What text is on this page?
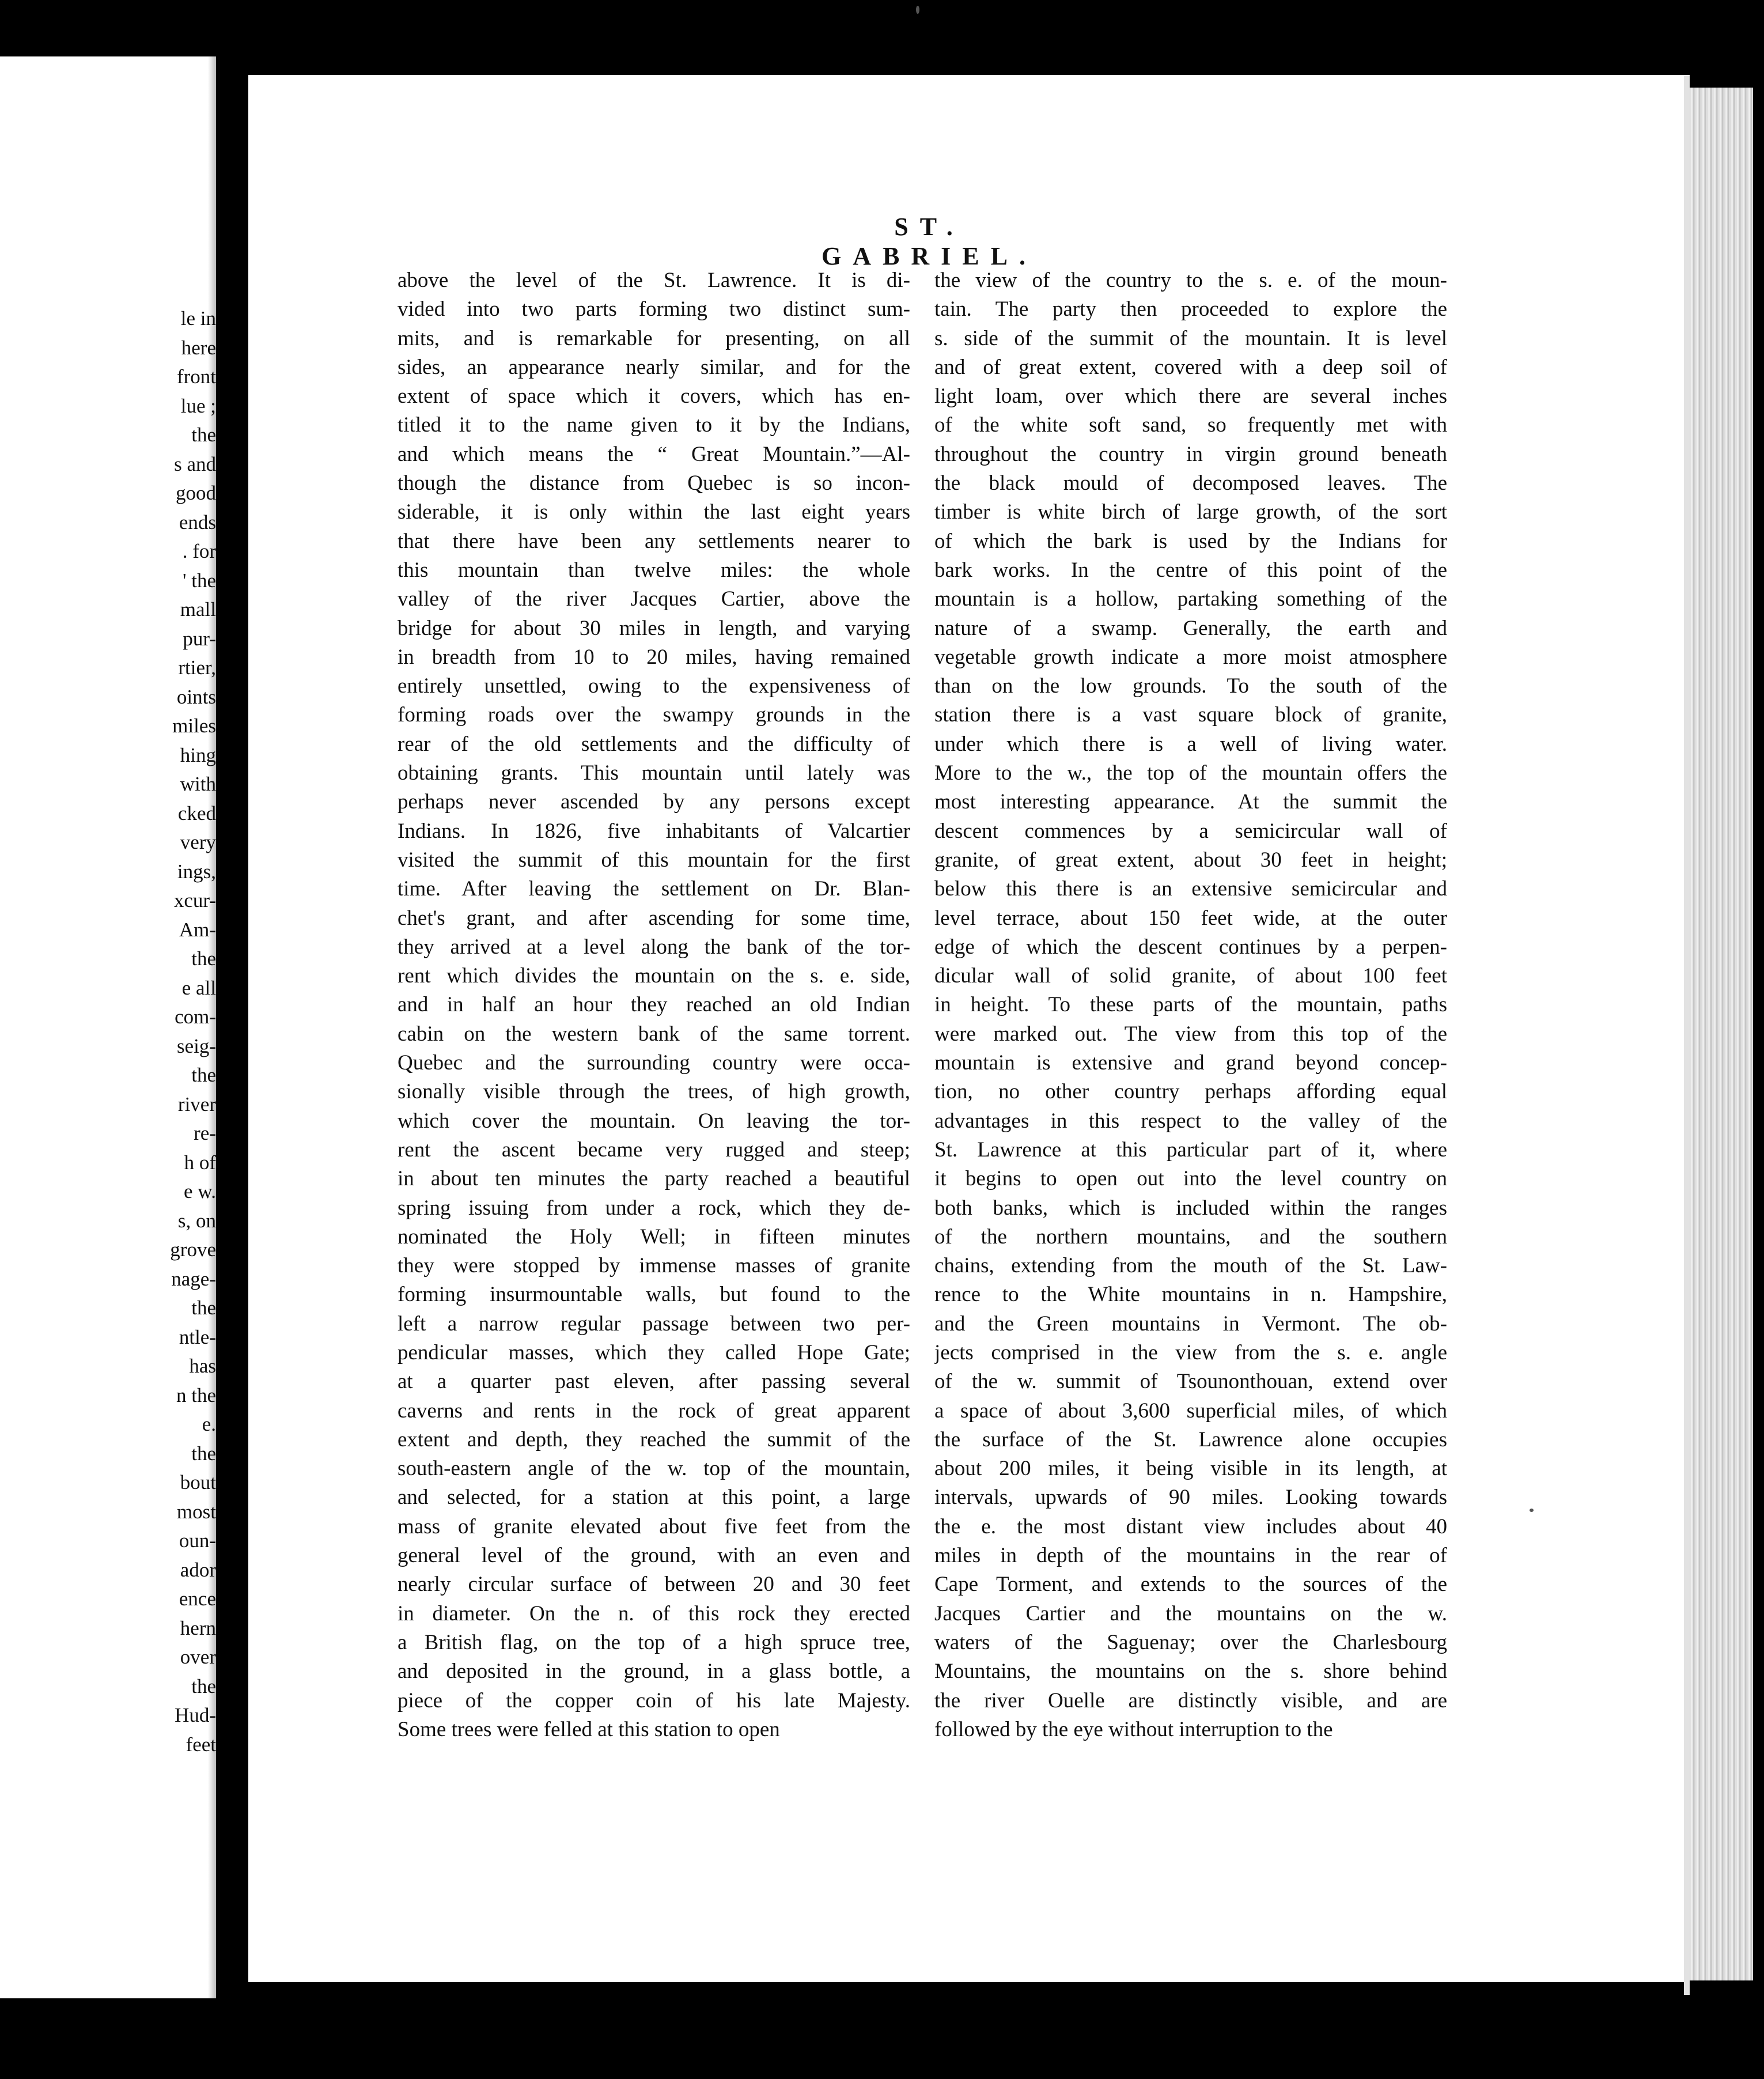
le in
here
front
lue ;
the
s and
good
ends
. for
' the
mall
pur-
rtier,
oints
miles
hing
with
cked
very
ings,
xcur-
Am-
the
e all
com-
seig-
the
river
re-
h of
e w.
s, on
grove
nage-
the
ntle-
has
n the
e.
the
bout
most
oun-
ador
ence
hern
over
the
Hud-
feet
ST. GABRIEL.
above the level of the St. Lawrence. It is di-
vided into two parts forming two distinct sum-
mits, and is remarkable for presenting, on all
sides, an appearance nearly similar, and for the
extent of space which it covers, which has en-
titled it to the name given to it by the Indians,
and which means the “ Great Mountain.”—Al-
though the distance from Quebec is so incon-
siderable, it is only within the last eight years
that there have been any settlements nearer to
this mountain than twelve miles: the whole
valley of the river Jacques Cartier, above the
bridge for about 30 miles in length, and varying
in breadth from 10 to 20 miles, having remained
entirely unsettled, owing to the expensiveness of
forming roads over the swampy grounds in the
rear of the old settlements and the difficulty of
obtaining grants. This mountain until lately was
perhaps never ascended by any persons except
Indians. In 1826, five inhabitants of Valcartier
visited the summit of this mountain for the first
time. After leaving the settlement on Dr. Blan-
chet's grant, and after ascending for some time,
they arrived at a level along the bank of the tor-
rent which divides the mountain on the s. e. side,
and in half an hour they reached an old Indian
cabin on the western bank of the same torrent.
Quebec and the surrounding country were occa-
sionally visible through the trees, of high growth,
which cover the mountain. On leaving the tor-
rent the ascent became very rugged and steep;
in about ten minutes the party reached a beautiful
spring issuing from under a rock, which they de-
nominated the Holy Well; in fifteen minutes
they were stopped by immense masses of granite
forming insurmountable walls, but found to the
left a narrow regular passage between two per-
pendicular masses, which they called Hope Gate;
at a quarter past eleven, after passing several
caverns and rents in the rock of great apparent
extent and depth, they reached the summit of the
south-eastern angle of the w. top of the mountain,
and selected, for a station at this point, a large
mass of granite elevated about five feet from the
general level of the ground, with an even and
nearly circular surface of between 20 and 30 feet
in diameter. On the n. of this rock they erected
a British flag, on the top of a high spruce tree,
and deposited in the ground, in a glass bottle, a
piece of the copper coin of his late Majesty.
Some trees were felled at this station to open
the view of the country to the s. e. of the moun-
tain. The party then proceeded to explore the
s. side of the summit of the mountain. It is level
and of great extent, covered with a deep soil of
light loam, over which there are several inches
of the white soft sand, so frequently met with
throughout the country in virgin ground beneath
the black mould of decomposed leaves. The
timber is white birch of large growth, of the sort
of which the bark is used by the Indians for
bark works. In the centre of this point of the
mountain is a hollow, partaking something of the
nature of a swamp. Generally, the earth and
vegetable growth indicate a more moist atmosphere
than on the low grounds. To the south of the
station there is a vast square block of granite,
under which there is a well of living water.
More to the w., the top of the mountain offers the
most interesting appearance. At the summit the
descent commences by a semicircular wall of
granite, of great extent, about 30 feet in height;
below this there is an extensive semicircular and
level terrace, about 150 feet wide, at the outer
edge of which the descent continues by a perpen-
dicular wall of solid granite, of about 100 feet
in height. To these parts of the mountain, paths
were marked out. The view from this top of the
mountain is extensive and grand beyond concep-
tion, no other country perhaps affording equal
advantages in this respect to the valley of the
St. Lawrence at this particular part of it, where
it begins to open out into the level country on
both banks, which is included within the ranges
of the northern mountains, and the southern
chains, extending from the mouth of the St. Law-
rence to the White mountains in n. Hampshire,
and the Green mountains in Vermont. The ob-
jects comprised in the view from the s. e. angle
of the w. summit of Tsounonthouan, extend over
a space of about 3,600 superficial miles, of which
the surface of the St. Lawrence alone occupies
about 200 miles, it being visible in its length, at
intervals, upwards of 90 miles. Looking towards
the e. the most distant view includes about 40
miles in depth of the mountains in the rear of
Cape Torment, and extends to the sources of the
Jacques Cartier and the mountains on the w.
waters of the Saguenay; over the Charlesbourg
Mountains, the mountains on the s. shore behind
the river Ouelle are distinctly visible, and are
followed by the eye without interruption to the
